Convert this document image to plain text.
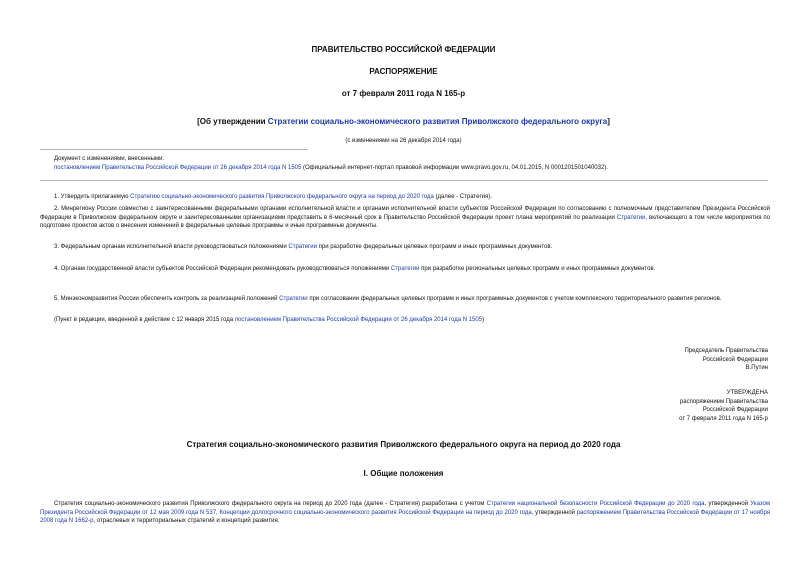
ПРАВИТЕЛЬСТВО РОССИЙСКОЙ ФЕДЕРАЦИИ
РАСПОРЯЖЕНИЕ
от 7 февраля 2011 года N 165-р
[Об утверждении Стратегии социально-экономического развития Приволжского федерального округа]
(с изменениями на 26 декабря 2014 года)

Документ с изменениями, внесенными:

постановлением Правительства Российской Федерации от 26 декабря 2014 года N 1505 (Официальный интернет-портал правовой информации www.pravo.gov.ru, 04.01.2015, N 0001201501040032).

1. Утвердить прилагаемую Стратегию социально-экономического развития Приволжского федерального округа на период до 2020 года (далее - Стратегия).
2. Минрегиону России совместно с заинтересованными федеральными органами исполнительной власти и органами исполнительной власти субъектов Российской Федерации по согласованию с полномочным представителем Президента Российской Федерации в Приволжском федеральном округе и заинтересованными организациями представить в 6-месячный срок в Правительство Российской Федерации проект плана мероприятий по реализации Стратегии, включающего в том числе мероприятия по подготовке проектов актов о внесении изменений в федеральные целевые программы и иные программные документы.
3. Федеральным органам исполнительной власти руководствоваться положениями Стратегии при разработке федеральных целевых программ и иных программных документов.
4. Органам государственной власти субъектов Российской Федерации рекомендовать руководствоваться положениями Стратегии при разработке региональных целевых программ и иных программных документов.
5. Минэкономразвития России обеспечить контроль за реализацией положений Стратегии при согласовании федеральных целевых программ и иных программных документов с учетом комплексного территориального развития регионов.
(Пункт в редакции, введенной в действие с 12 января 2015 года постановлением Правительства Российской Федерации от 26 декабря 2014 года N 1505)

Председатель Правительства

Российской Федерации

В.Путин

УТВЕРЖДЕНА

распоряжением Правительства

Российской Федерации

от 7 февраля 2011 года N 165-р

Стратегия социально-экономического развития Приволжского федерального округа на период до 2020 года
I. Общие положения
Стратегия социально-экономического развития Приволжского федерального округа на период до 2020 года (далее - Стратегия) разработана с учетом Стратегии национальной безопасности Российской Федерации до 2020 года, утвержденной Указом Президента Российской Федерации от 12 мая 2009 года N 537, Концепции долгосрочного социально-экономического развития Российской Федерации на период до 2020 года, утвержденной распоряжением Правительства Российской Федерации от 17 ноября 2008 года N 1662-р, отраслевых и территориальных стратегий и концепций развития.
